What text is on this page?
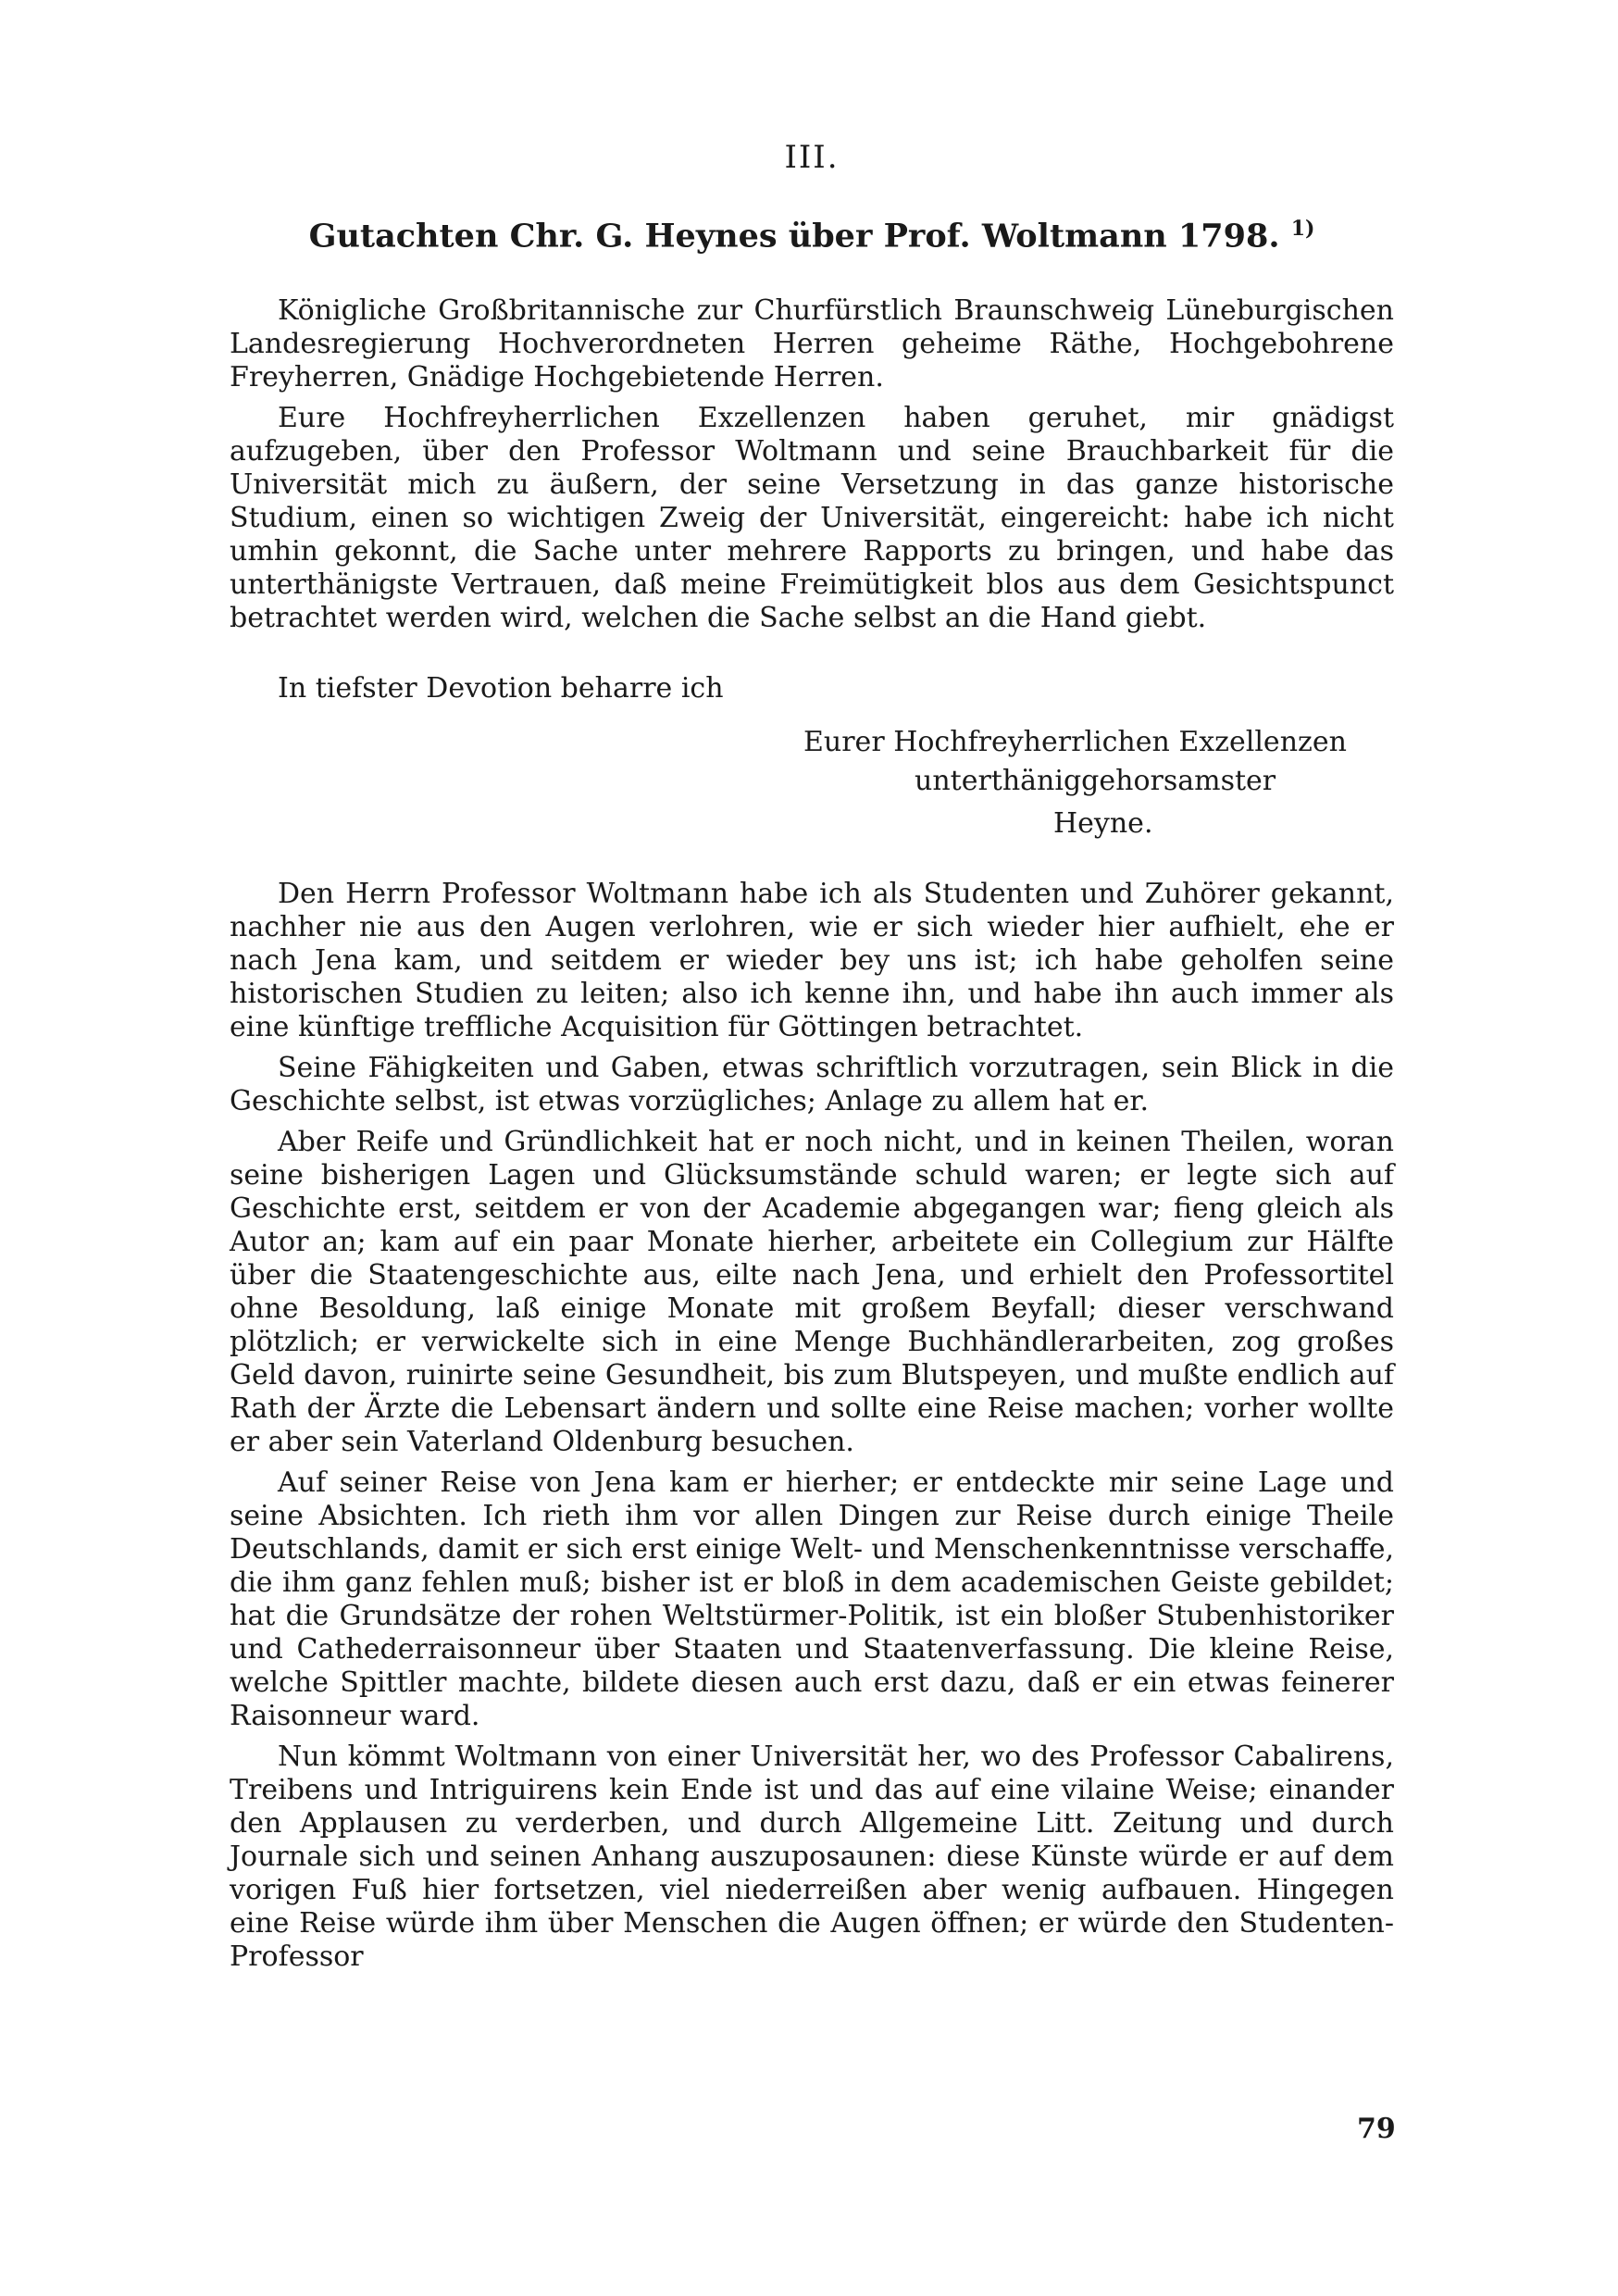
III.
Gutachten Chr. G. Heynes über Prof. Woltmann 1798. $^{1)}$

Königliche Großbritannische zur Churfürstlich Braunschweig Lüneburgischen Landesregierung Hochverordneten Herren geheime Räthe, Hochgebohrene Freyherren, Gnädige Hochgebietende Herren.

Eure Hochfreyherrlichen Exzellenzen haben geruhet, mir gnädigst aufzugeben, über den Professor Woltmann und seine Brauchbarkeit für die Universität mich zu äußern, der seine Versetzung in das ganze historische Studium, einen so wichtigen Zweig der Universität, eingereicht: habe ich nicht umhin gekonnt, die Sache unter mehrere Rapports zu bringen, und habe das unterthänigste Vertrauen, daß meine Freimütigkeit blos aus dem Gesichtspunct betrachtet werden wird, welchen die Sache selbst an die Hand giebt.

In tiefster Devotion beharre ich

Eurer Hochfreyherrlichen Exzellenzen
unterthäniggehorsamster
Heyne.

Den Herrn Professor Woltmann habe ich als Studenten und Zuhörer gekannt, nachher nie aus den Augen verlohren, wie er sich wieder hier aufhielt, ehe er nach Jena kam, und seitdem er wieder bey uns ist; ich habe geholfen seine historischen Studien zu leiten; also ich kenne ihn, und habe ihn auch immer als eine künftige treffliche Acquisition für Göttingen betrachtet.

Seine Fähigkeiten und Gaben, etwas schriftlich vorzutragen, sein Blick in die Geschichte selbst, ist etwas vorzügliches; Anlage zu allem hat er.

Aber Reife und Gründlichkeit hat er noch nicht, und in keinen Theilen, woran seine bisherigen Lagen und Glücksumstände schuld waren; er legte sich auf Geschichte erst, seitdem er von der Academie abgegangen war; fieng gleich als Autor an; kam auf ein paar Monate hierher, arbeitete ein Collegium zur Hälfte über die Staatengeschichte aus, eilte nach Jena, und erhielt den Professortitel ohne Besoldung, laß einige Monate mit großem Beyfall; dieser verschwand plötzlich; er verwickelte sich in eine Menge Buchhändlerarbeiten, zog großes Geld davon, ruinirte seine Gesundheit, bis zum Blutspeyen, und mußte endlich auf Rath der Ärzte die Lebensart ändern und sollte eine Reise machen; vorher wollte er aber sein Vaterland Oldenburg besuchen.

Auf seiner Reise von Jena kam er hierher; er entdeckte mir seine Lage und seine Absichten. Ich rieth ihm vor allen Dingen zur Reise durch einige Theile Deutschlands, damit er sich erst einige Welt- und Menschenkenntnisse verschaffe, die ihm ganz fehlen muß; bisher ist er bloß in dem academischen Geiste gebildet; hat die Grundsätze der rohen Weltstürmer-Politik, ist ein bloßer Stubenhistoriker und Cathederraisonneur über Staaten und Staatenverfassung. Die kleine Reise, welche Spittler machte, bildete diesen auch erst dazu, daß er ein etwas feinerer Raisonneur ward.

Nun kömmt Woltmann von einer Universität her, wo des Professor Cabalirens, Treibens und Intriguirens kein Ende ist und das auf eine vilaine Weise; einander den Applausen zu verderben, und durch Allgemeine Litt. Zeitung und durch Journale sich und seinen Anhang auszuposaunen: diese Künste würde er auf dem vorigen Fuß hier fortsetzen, viel niederreißen aber wenig aufbauen. Hingegen eine Reise würde ihm über Menschen die Augen öffnen; er würde den Studenten-Professor

79
